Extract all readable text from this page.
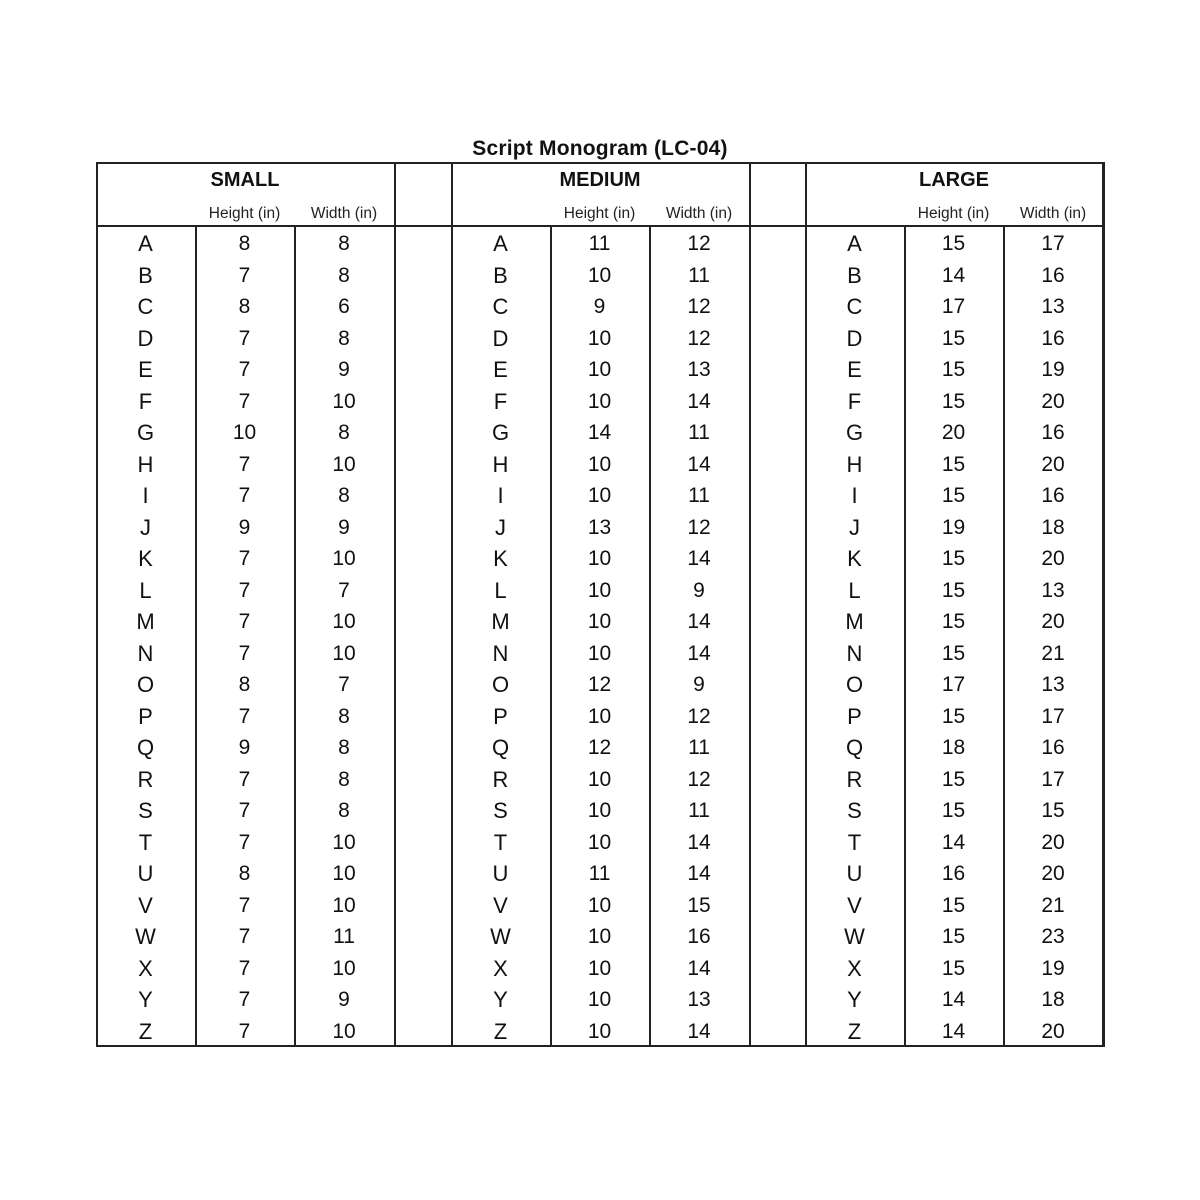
Script Monogram (LC-04)
SMALL
Height (in)	Width (in)
A	8	8
B	7	8
C	8	6
D	7	8
E	7	9
F	7	10
G	10	8
H	7	10
I	7	8
J	9	9
K	7	10
L	7	7
M	7	10
N	7	10
O	8	7
P	7	8
Q	9	8
R	7	8
S	7	8
T	7	10
U	8	10
V	7	10
W	7	11
X	7	10
Y	7	9
Z	7	10
MEDIUM
Height (in)	Width (in)
A	11	12
B	10	11
C	9	12
D	10	12
E	10	13
F	10	14
G	14	11
H	10	14
I	10	11
J	13	12
K	10	14
L	10	9
M	10	14
N	10	14
O	12	9
P	10	12
Q	12	11
R	10	12
S	10	11
T	10	14
U	11	14
V	10	15
W	10	16
X	10	14
Y	10	13
Z	10	14
LARGE
Height (in)	Width (in)
A	15	17
B	14	16
C	17	13
D	15	16
E	15	19
F	15	20
G	20	16
H	15	20
I	15	16
J	19	18
K	15	20
L	15	13
M	15	20
N	15	21
O	17	13
P	15	17
Q	18	16
R	15	17
S	15	15
T	14	20
U	16	20
V	15	21
W	15	23
X	15	19
Y	14	18
Z	14	20
